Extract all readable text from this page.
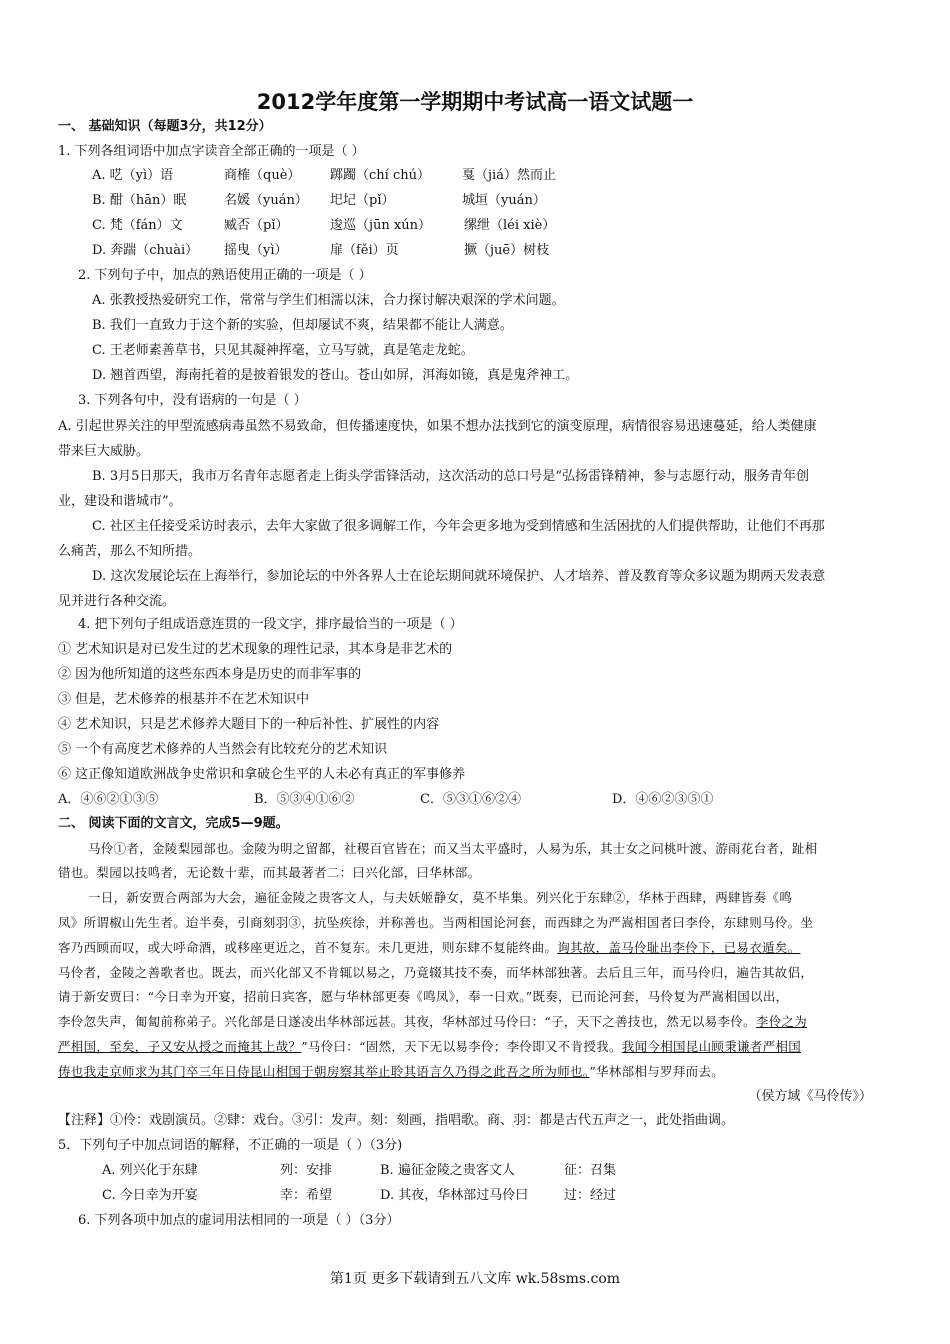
2012学年度第一学期期中考试高一语文试题一
一、 基础知识（每题3分，共12分）
1. 下列各组词语中加点字读音全部正确的一项是（ ）
A. 呓（yì）语	商榷（què） 踯躅（chí chú） 戛（jiá）然而止
B. 酣（hān）眠	名媛（yuán） 圯圮（pǐ）	城垣（yuán）
C. 梵（fán）文	臧否（pǐ）	逡巡（jūn xún）	缧绁（léi xiè）
D. 奔踹（chuài） 摇曳（yì）	扉（fěi）页	撅（juē）树枝
2. 下列句子中，加点的熟语使用正确的一项是（ ）
A. 张教授热爱研究工作，常常与学生们相濡以沫，合力探讨解决艰深的学术问题。
B. 我们一直致力于这个新的实验，但却屡试不爽，结果都不能让人满意。
C. 王老师素善草书，只见其凝神挥毫，立马写就，真是笔走龙蛇。
D. 翘首西望，海南托着的是披着银发的苍山。苍山如屏，洱海如镜，真是鬼斧神工。
3. 下列各句中，没有语病的一句是（ ）
A. 引起世界关注的甲型流感病毒虽然不易致命，但传播速度快，如果不想办法找到它的演变原理，病情很容易迅速蔓延，给人类健康
带来巨大威胁。
B. 3月5日那天，我市万名青年志愿者走上街头学雷锋活动，这次活动的总口号是“弘扬雷锋精神，参与志愿行动，服务青年创
业，建设和谐城市”。
C. 社区主任接受采访时表示，去年大家做了很多调解工作，今年会更多地为受到情感和生活困扰的人们提供帮助，让他们不再那
么痛苦，那么不知所措。
D. 这次发展论坛在上海举行，参加论坛的中外各界人士在论坛期间就环境保护、人才培养、普及教育等众多议题为期两天发表意
见并进行各种交流。
4. 把下列句子组成语意连贯的一段文字，排序最恰当的一项是（ ）
① 艺术知识是对已发生过的艺术现象的理性记录，其本身是非艺术的
② 因为他所知道的这些东西本身是历史的而非军事的
③ 但是，艺术修养的根基并不在艺术知识中
④ 艺术知识，只是艺术修养大题目下的一种后补性、扩展性的内容
⑤ 一个有高度艺术修养的人当然会有比较充分的艺术知识
⑥ 这正像知道欧洲战争史常识和拿破仑生平的人未必有真正的军事修养
A．④⑥②①③⑤	B．⑤③④①⑥②	C．⑤③①⑥②④	D．④⑥②③⑤①
二、 阅读下面的文言文，完成5—9题。
马伶①者，金陵梨园部也。金陵为明之留都，社稷百官皆在；而又当太平盛时，人易为乐，其士女之问桃叶渡、游雨花台者，趾相
错也。梨园以技鸣者，无论数十辈，而其最著者二：曰兴化部，曰华林部。
一日，新安贾合两部为大会，遍征金陵之贵客文人，与夫妖姬静女，莫不毕集。列兴化于东肆②，华林于西肆，两肆皆奏《鸣
凤》所谓椒山先生者。迨半奏，引商刻羽③，抗坠疾徐，并称善也。当两相国论河套，而西肆之为严嵩相国者曰李伶，东肆则马伶。坐
客乃西顾而叹，或大呼命酒，或移座更近之，首不复东。未几更进，则东肆不复能终曲。询其故，盖马伶耻出李伶下，已易衣遁矣。
马伶者，金陵之善歌者也。既去，而兴化部又不肯辄以易之，乃竟辍其技不奏，而华林部独著。去后且三年，而马伶归，遍告其故侣，
请于新安贾曰：“今日幸为开宴，招前日宾客，愿与华林部更奏《鸣凤》，奉一日欢。”既奏，已而论河套，马伶复为严嵩相国以出，
李伶忽失声，匍匐前称弟子。兴化部是日遂凌出华林部远甚。其夜，华林部过马伶曰：“子，天下之善技也，然无以易李伶。李伶之为
严相国，至矣，子又安从授之而掩其上哉？”马伶曰：“固然，天下无以易李伶；李伶即又不肯授我。我闻今相国昆山顾秉谦者严相国
俦也我走京师求为其门卒三年日侍昆山相国于朝房察其举止聆其语言久乃得之此吾之所为师也。”华林部相与罗拜而去。
（侯方域《马伶传》）
【注释】①伶：戏剧演员。②肆：戏台。③引：发声。刻：刻画，指唱歌。商、羽：都是古代五声之一，此处指曲调。
5．下列句子中加点词语的解释，不正确的一项是（ ）（3分)
A. 列兴化于东肆	列：安排	B. 遍征金陵之贵客文人	征：召集
C. 今日幸为开宴	幸：希望	D. 其夜，华林部过马伶曰	过：经过
6. 下列各项中加点的虚词用法相同的一项是（ ）（3分）
第1页 更多下载请到五八文库 wk.58sms.com
